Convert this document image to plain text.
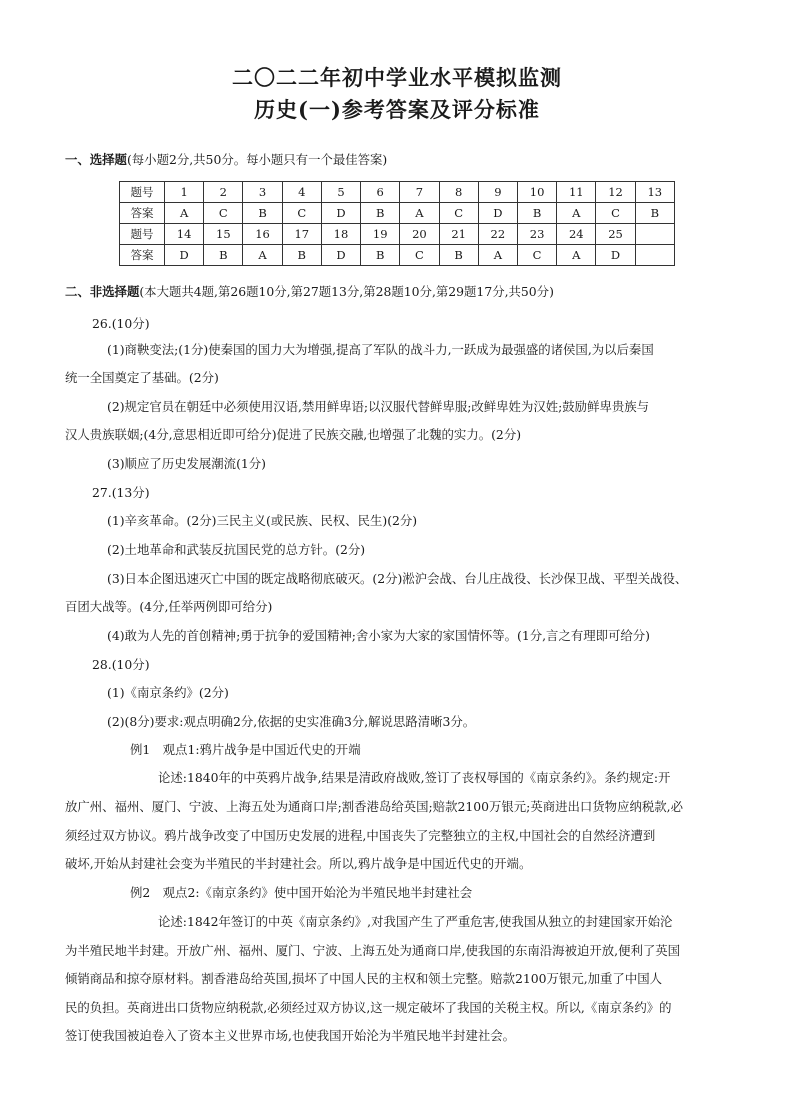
二〇二二年初中学业水平模拟监测
历史(一)参考答案及评分标准
一、选择题(每小题2分,共50分。每小题只有一个最佳答案)
题号	1	2	3	4	5	6	7	8	9	10	11	12	13
答案	A	C	B	C	D	B	A	C	D	B	A	C	B
题号	14	15	16	17	18	19	20	21	22	23	24	25	
答案	D	B	A	B	D	B	C	B	A	C	A	D	
二、非选择题(本大题共4题,第26题10分,第27题13分,第28题10分,第29题17分,共50分)
26.(10分)
(1)商鞅变法;(1分)使秦国的国力大为增强,提高了军队的战斗力,一跃成为最强盛的诸侯国,为以后秦国
统一全国奠定了基础。(2分)
(2)规定官员在朝廷中必须使用汉语,禁用鲜卑语;以汉服代替鲜卑服;改鲜卑姓为汉姓;鼓励鲜卑贵族与
汉人贵族联姻;(4分,意思相近即可给分)促进了民族交融,也增强了北魏的实力。(2分)
(3)顺应了历史发展潮流(1分)
27.(13分)
(1)辛亥革命。(2分)三民主义(或民族、民权、民生)(2分)
(2)土地革命和武装反抗国民党的总方针。(2分)
(3)日本企图迅速灭亡中国的既定战略彻底破灭。(2分)淞沪会战、台儿庄战役、长沙保卫战、平型关战役、
百团大战等。(4分,任举两例即可给分)
(4)敢为人先的首创精神;勇于抗争的爱国精神;舍小家为大家的家国情怀等。(1分,言之有理即可给分)
28.(10分)
(1)《南京条约》(2分)
(2)(8分)要求:观点明确2分,依据的史实准确3分,解说思路清晰3分。
例1　观点1:鸦片战争是中国近代史的开端
论述:1840年的中英鸦片战争,结果是清政府战败,签订了丧权辱国的《南京条约》。条约规定:开
放广州、福州、厦门、宁波、上海五处为通商口岸;割香港岛给英国;赔款2100万银元;英商进出口货物应纳税款,必
须经过双方协议。鸦片战争改变了中国历史发展的进程,中国丧失了完整独立的主权,中国社会的自然经济遭到
破坏,开始从封建社会变为半殖民的半封建社会。所以,鸦片战争是中国近代史的开端。
例2　观点2:《南京条约》使中国开始沦为半殖民地半封建社会
论述:1842年签订的中英《南京条约》,对我国产生了严重危害,使我国从独立的封建国家开始沦
为半殖民地半封建。开放广州、福州、厦门、宁波、上海五处为通商口岸,使我国的东南沿海被迫开放,便利了英国
倾销商品和掠夺原材料。割香港岛给英国,损坏了中国人民的主权和领土完整。赔款2100万银元,加重了中国人
民的负担。英商进出口货物应纳税款,必须经过双方协议,这一规定破坏了我国的关税主权。所以,《南京条约》的
签订使我国被迫卷入了资本主义世界市场,也使我国开始沦为半殖民地半封建社会。
